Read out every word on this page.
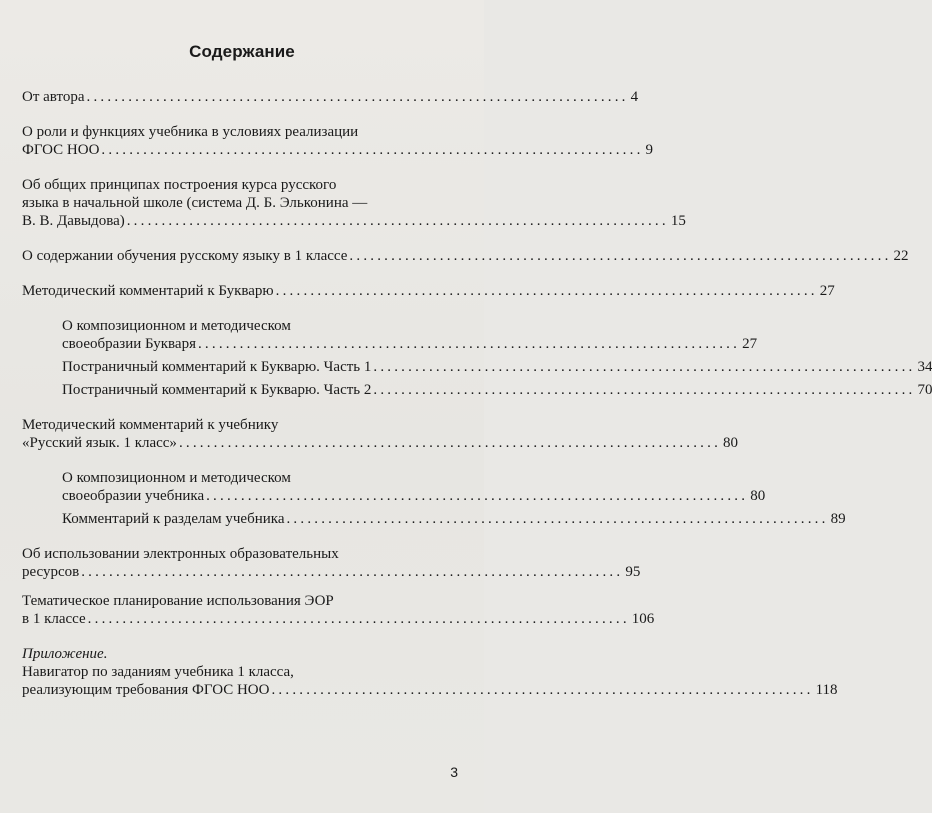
Содержание
От автора .............................................................................. 4
О роли и функциях учебника в условиях реализации
ФГОС НОО .............................................................................. 9
Об общих принципах построения курса русского
языка в начальной школе (система Д. Б. Эльконина —
В. В. Давыдова) .............................................................................. 15
О содержании обучения русскому языку в 1 классе .............................................................................. 22
Методический комментарий к Букварю .............................................................................. 27
О композиционном и методическом
своеобразии Букваря .............................................................................. 27
Постраничный комментарий к Букварю. Часть 1 .............................................................................. 34
Постраничный комментарий к Букварю. Часть 2 .............................................................................. 70
Методический комментарий к учебнику
«Русский язык. 1 класс» .............................................................................. 80
О композиционном и методическом
своеобразии учебника .............................................................................. 80
Комментарий к разделам учебника .............................................................................. 89
Об использовании электронных образовательных
ресурсов .............................................................................. 95
Тематическое планирование использования ЭОР
в 1 классе .............................................................................. 106
Приложение.
Навигатор по заданиям учебника 1 класса,
реализующим требования ФГОС НОО .............................................................................. 118
3
